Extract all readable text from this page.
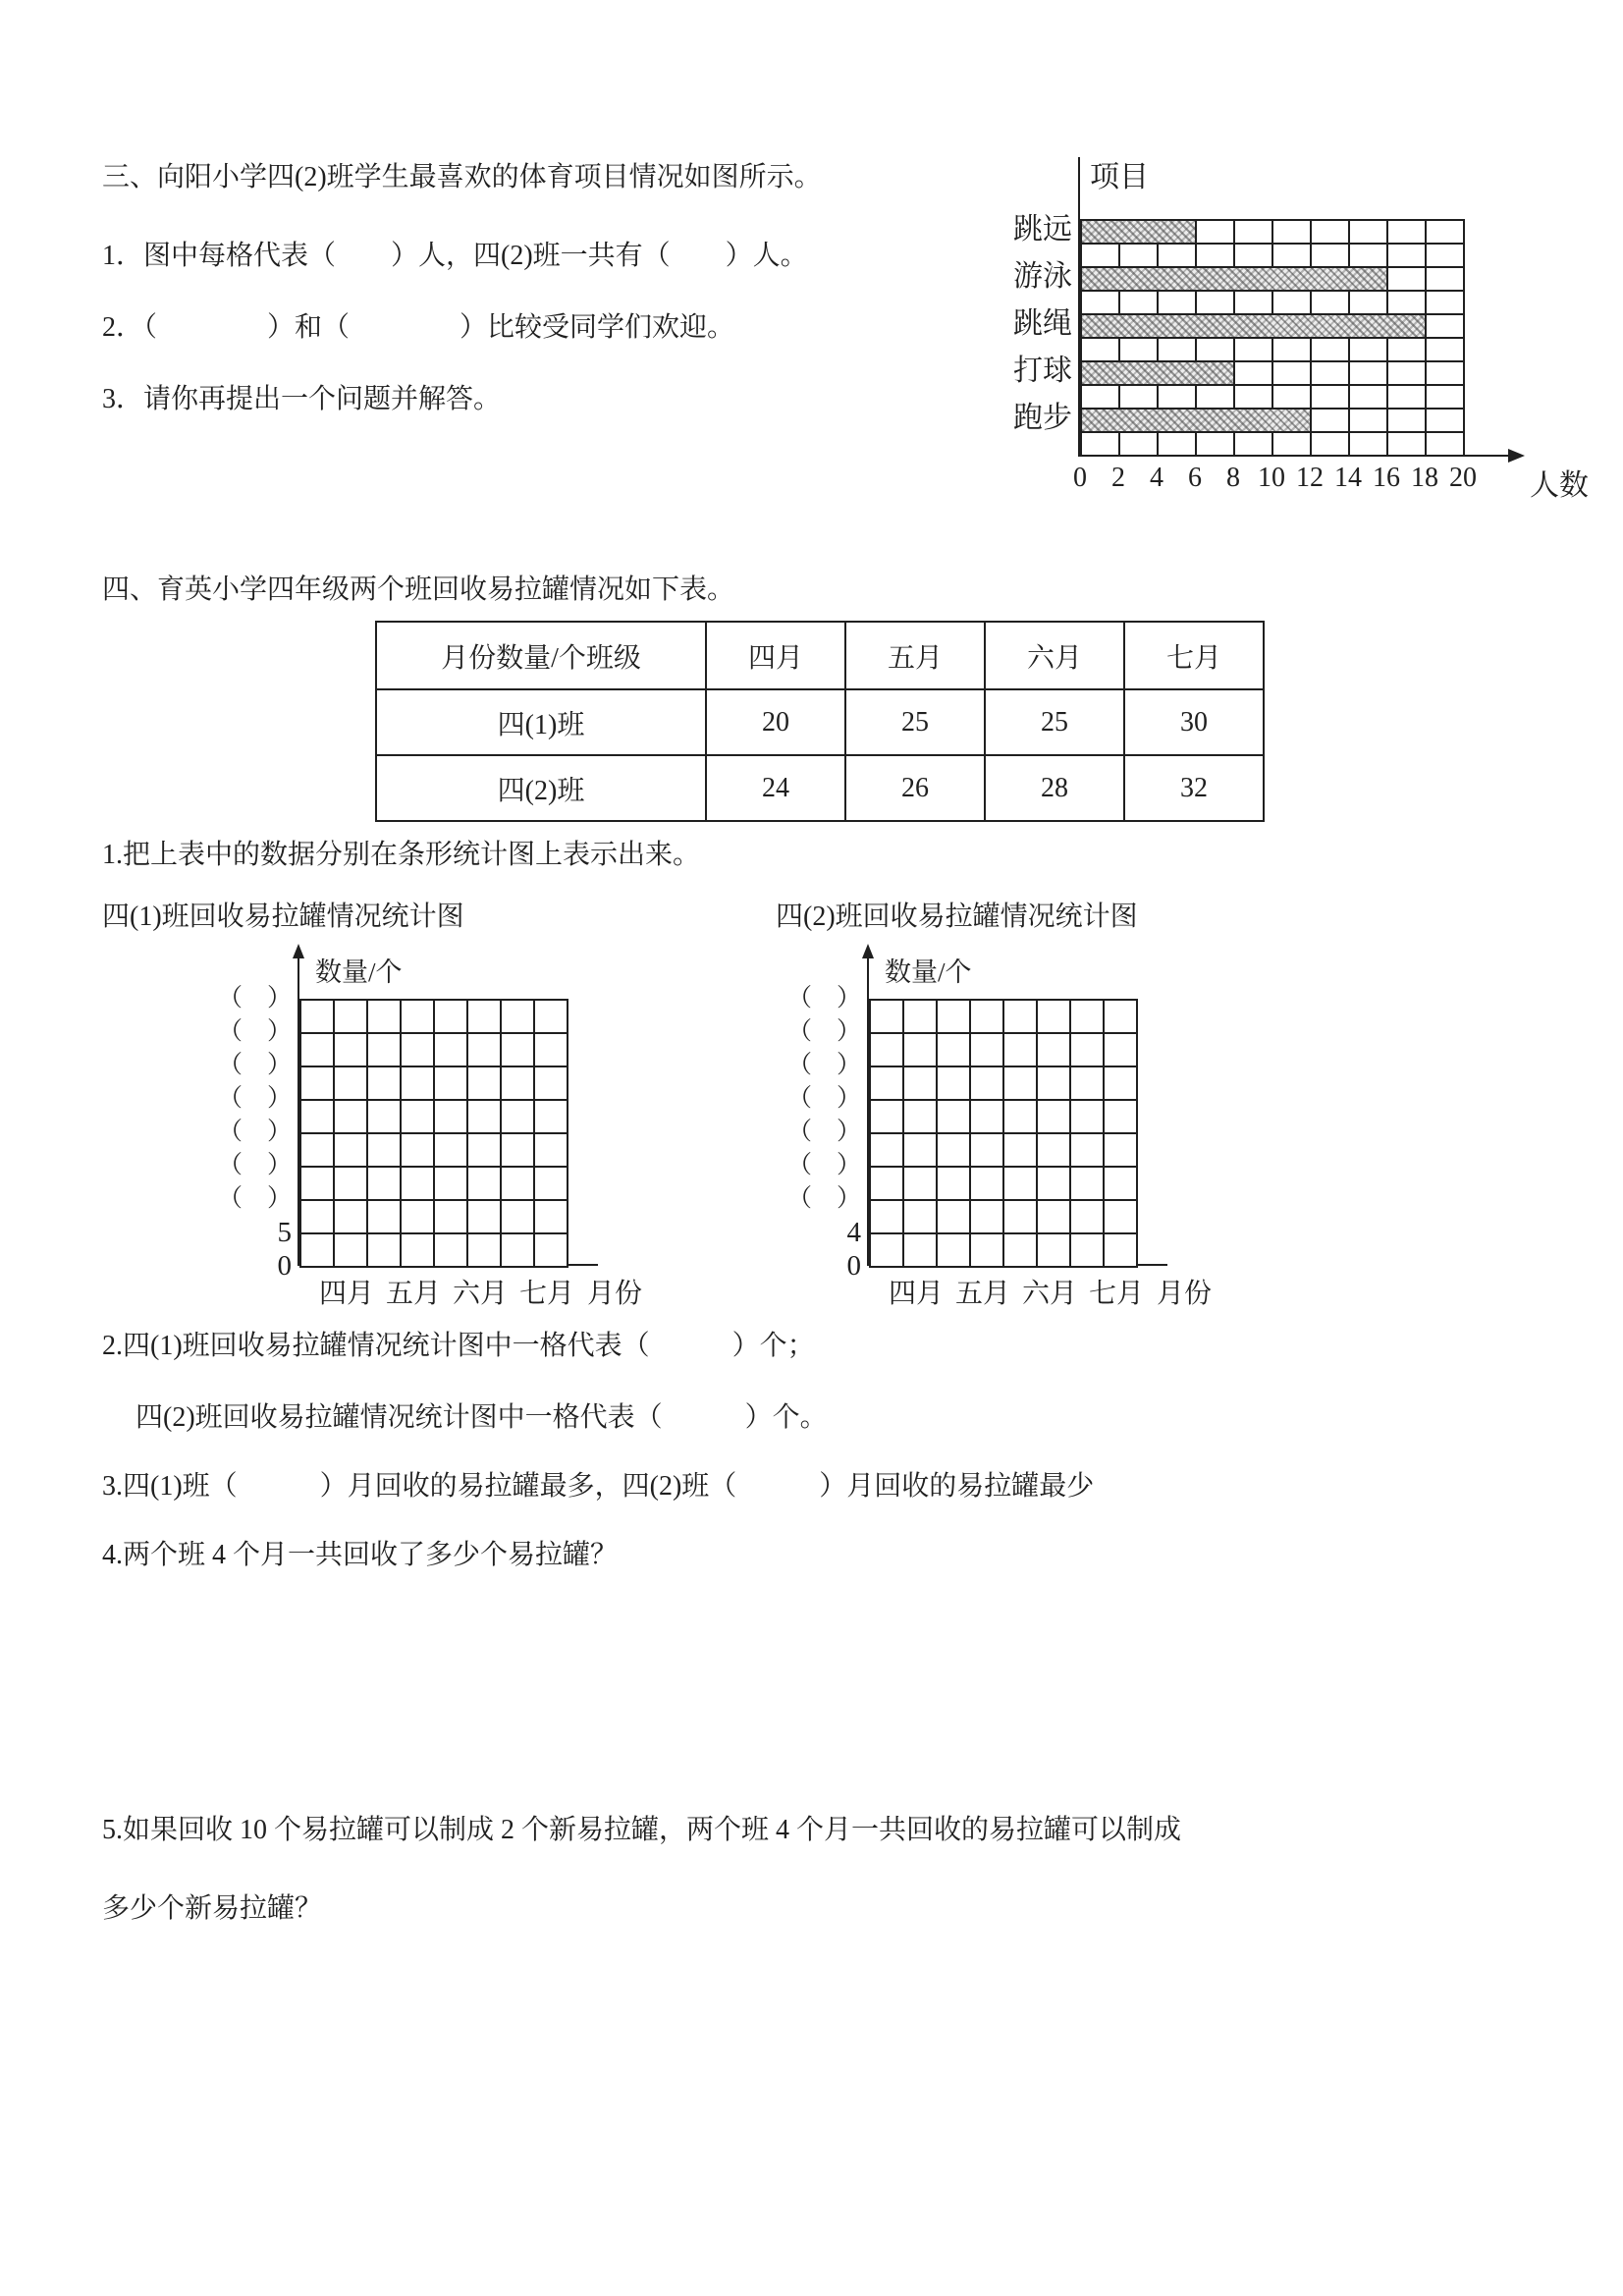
三、向阳小学四(2)班学生最喜欢的体育项目情况如图所示。

1．图中每格代表（　　）人，四(2)班一共有（　　）人。

2．（　　　　）和（　　　　）比较受同学们欢迎。

3．请你再提出一个问题并解答。

项目
跳远
游泳
跳绳
打球
跑步
0 2 4 6 8 10 12 14 16 18 20 人数

四、育英小学四年级两个班回收易拉罐情况如下表。

月份数量/个班级	四月	五月	六月	七月
四(1)班	20	25	25	30
四(2)班	24	26	28	32

1.把上表中的数据分别在条形统计图上表示出来。

四(1)班回收易拉罐情况统计图	四(2)班回收易拉罐情况统计图

数量/个
（　）
（　）
（　）
（　）
（　）
（　）
（　）
5
0
四月 五月 六月 七月 月份
数量/个
（　）
（　）
（　）
（　）
（　）
（　）
（　）
4
0
四月 五月 六月 七月 月份

2.四(1)班回收易拉罐情况统计图中一格代表（　　　）个；

四(2)班回收易拉罐情况统计图中一格代表（　　　）个。

3.四(1)班（　　　）月回收的易拉罐最多，四(2)班（　　　）月回收的易拉罐最少

4.两个班 4 个月一共回收了多少个易拉罐？

5.如果回收 10 个易拉罐可以制成 2 个新易拉罐，两个班 4 个月一共回收的易拉罐可以制成

多少个新易拉罐？
